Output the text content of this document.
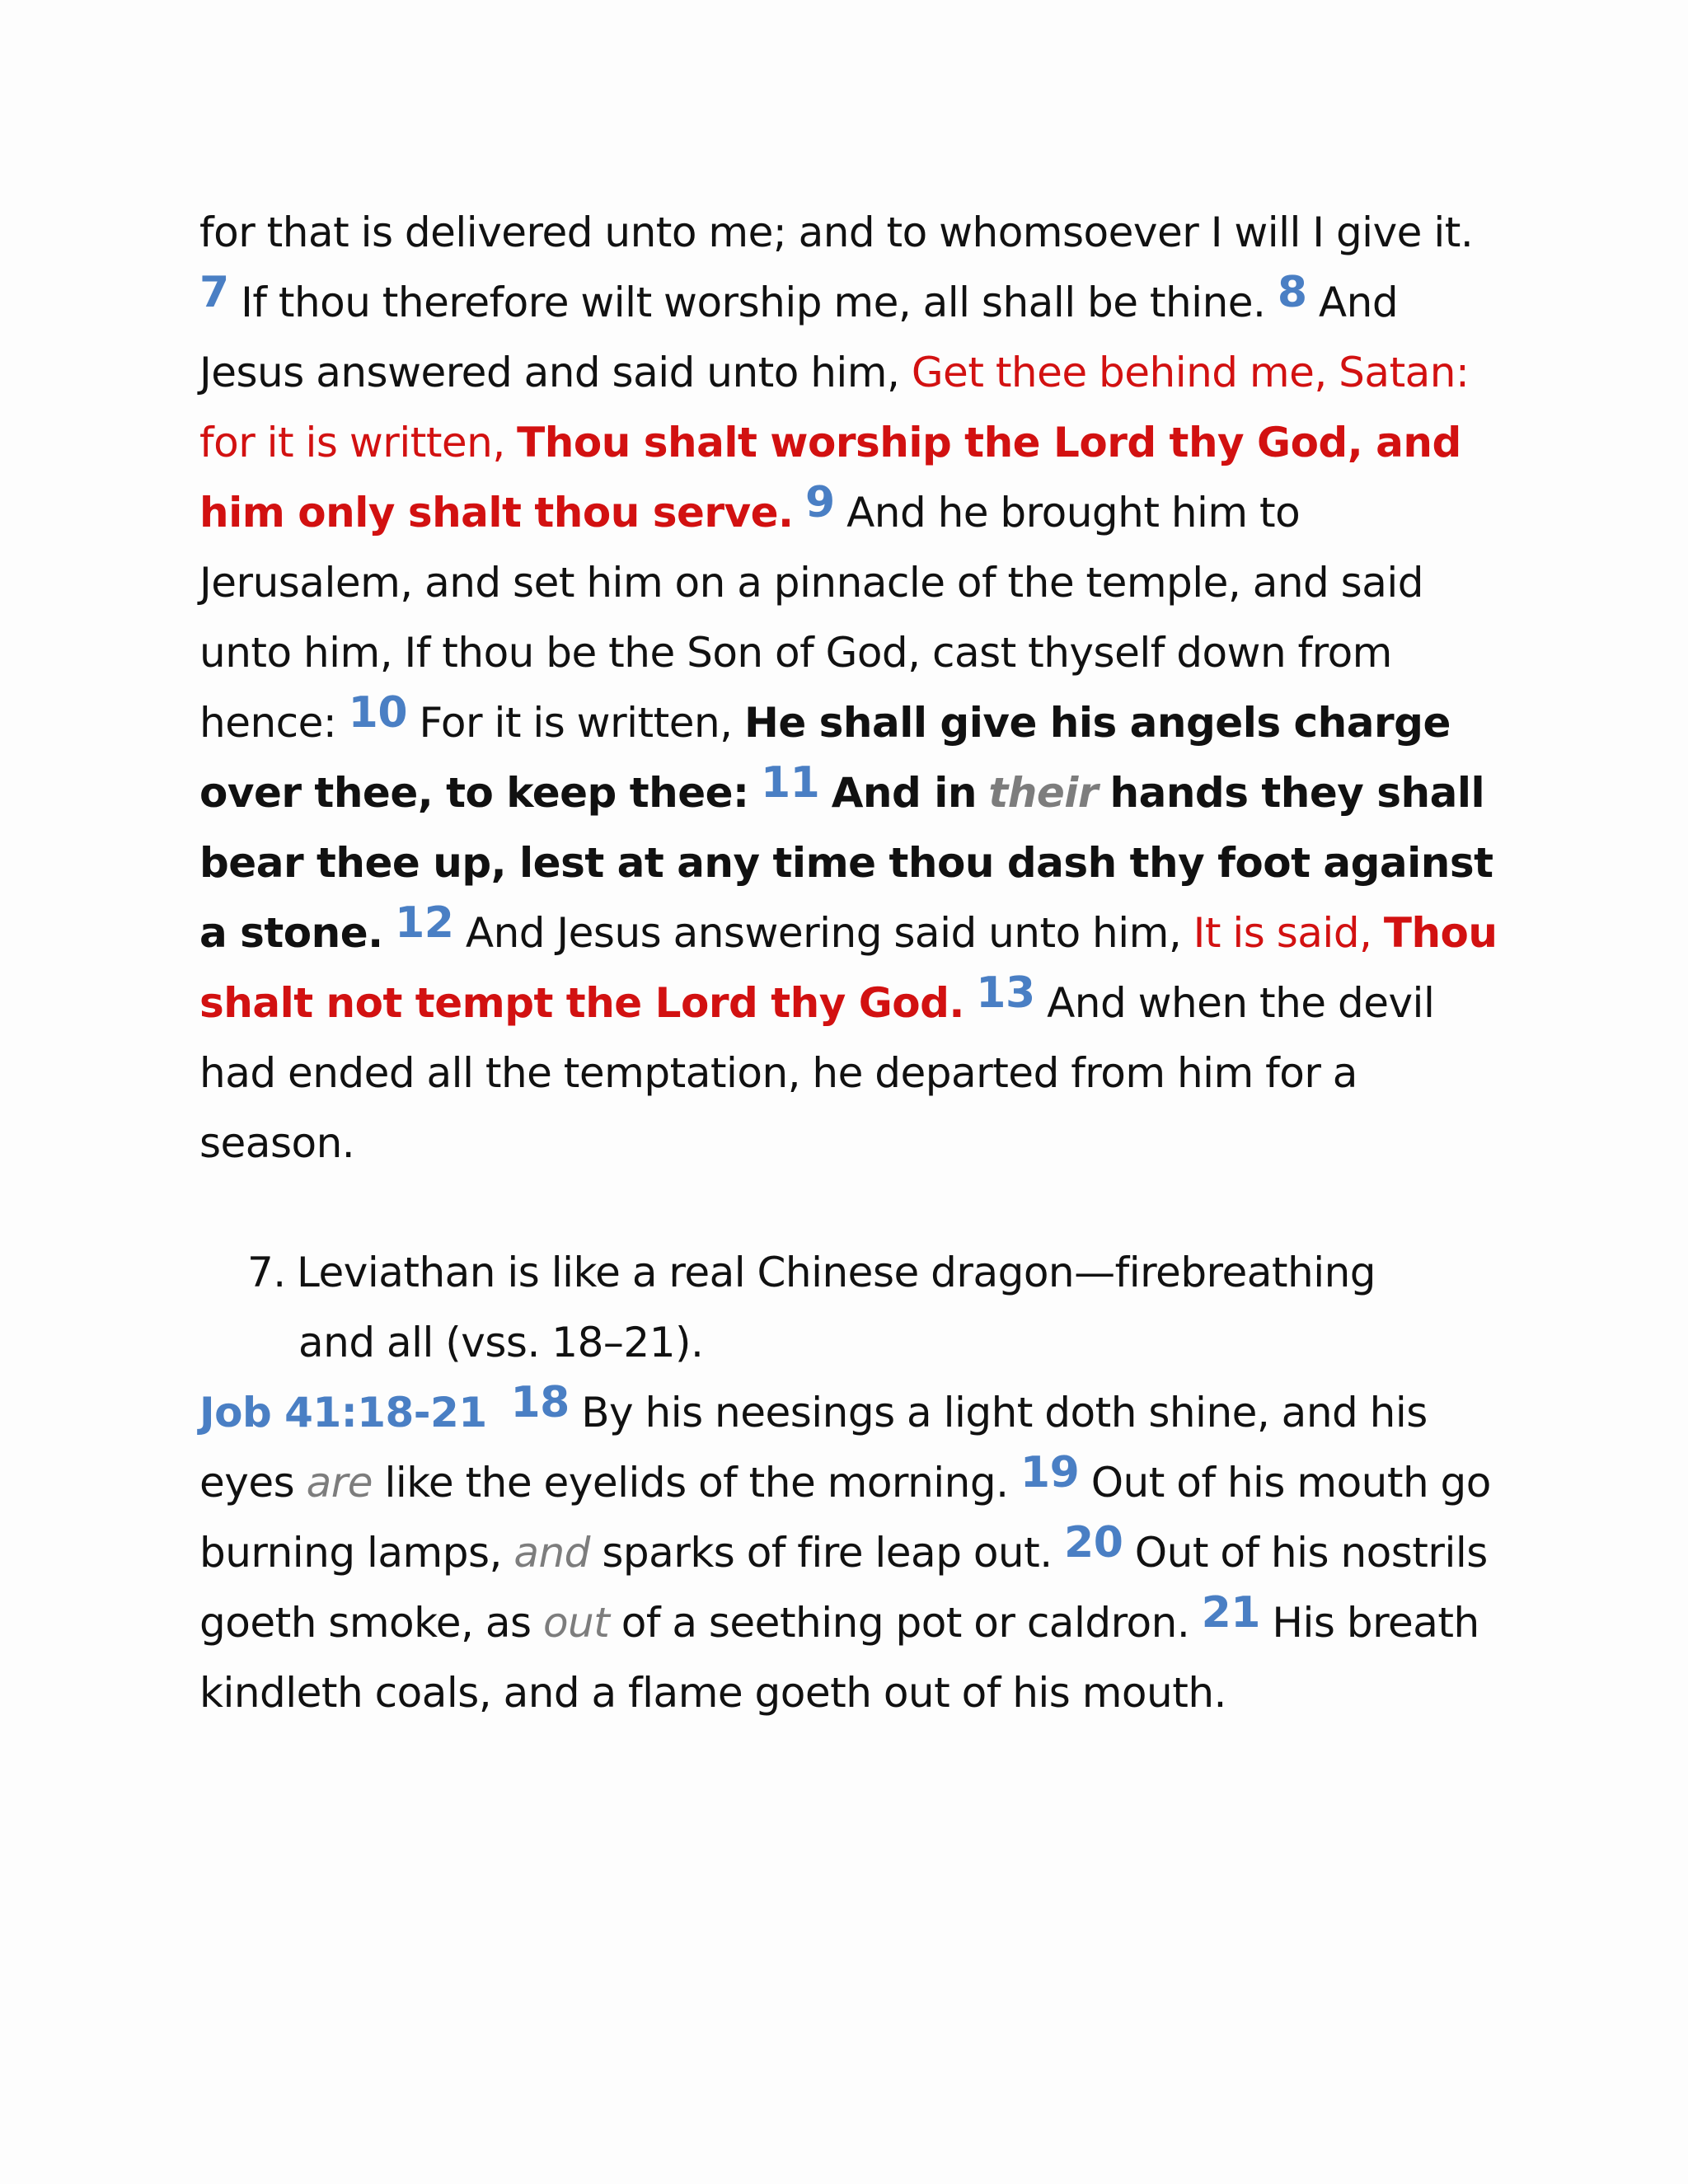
for that is delivered unto me; and to whomsoever I will I give it. 7 If thou therefore wilt worship me, all shall be thine. 8 And Jesus answered and said unto him, Get thee behind me, Satan: for it is written, Thou shalt worship the Lord thy God, and him only shalt thou serve. 9 And he brought him to Jerusalem, and set him on a pinnacle of the temple, and said unto him, If thou be the Son of God, cast thyself down from hence: 10 For it is written, He shall give his angels charge over thee, to keep thee: 11 And in their hands they shall bear thee up, lest at any time thou dash thy foot against a stone. 12 And Jesus answering said unto him, It is said, Thou shalt not tempt the Lord thy God. 13 And when the devil had ended all the temptation, he departed from him for a season.
7. Leviathan is like a real Chinese dragon—firebreathing
and all (vss. 18–21).
Job 41:18-21 18 By his neesings a light doth shine, and his eyes are like the eyelids of the morning. 19 Out of his mouth go burning lamps, and sparks of fire leap out. 20 Out of his nostrils goeth smoke, as out of a seething pot or caldron. 21 His breath kindleth coals, and a flame goeth out of his mouth.
